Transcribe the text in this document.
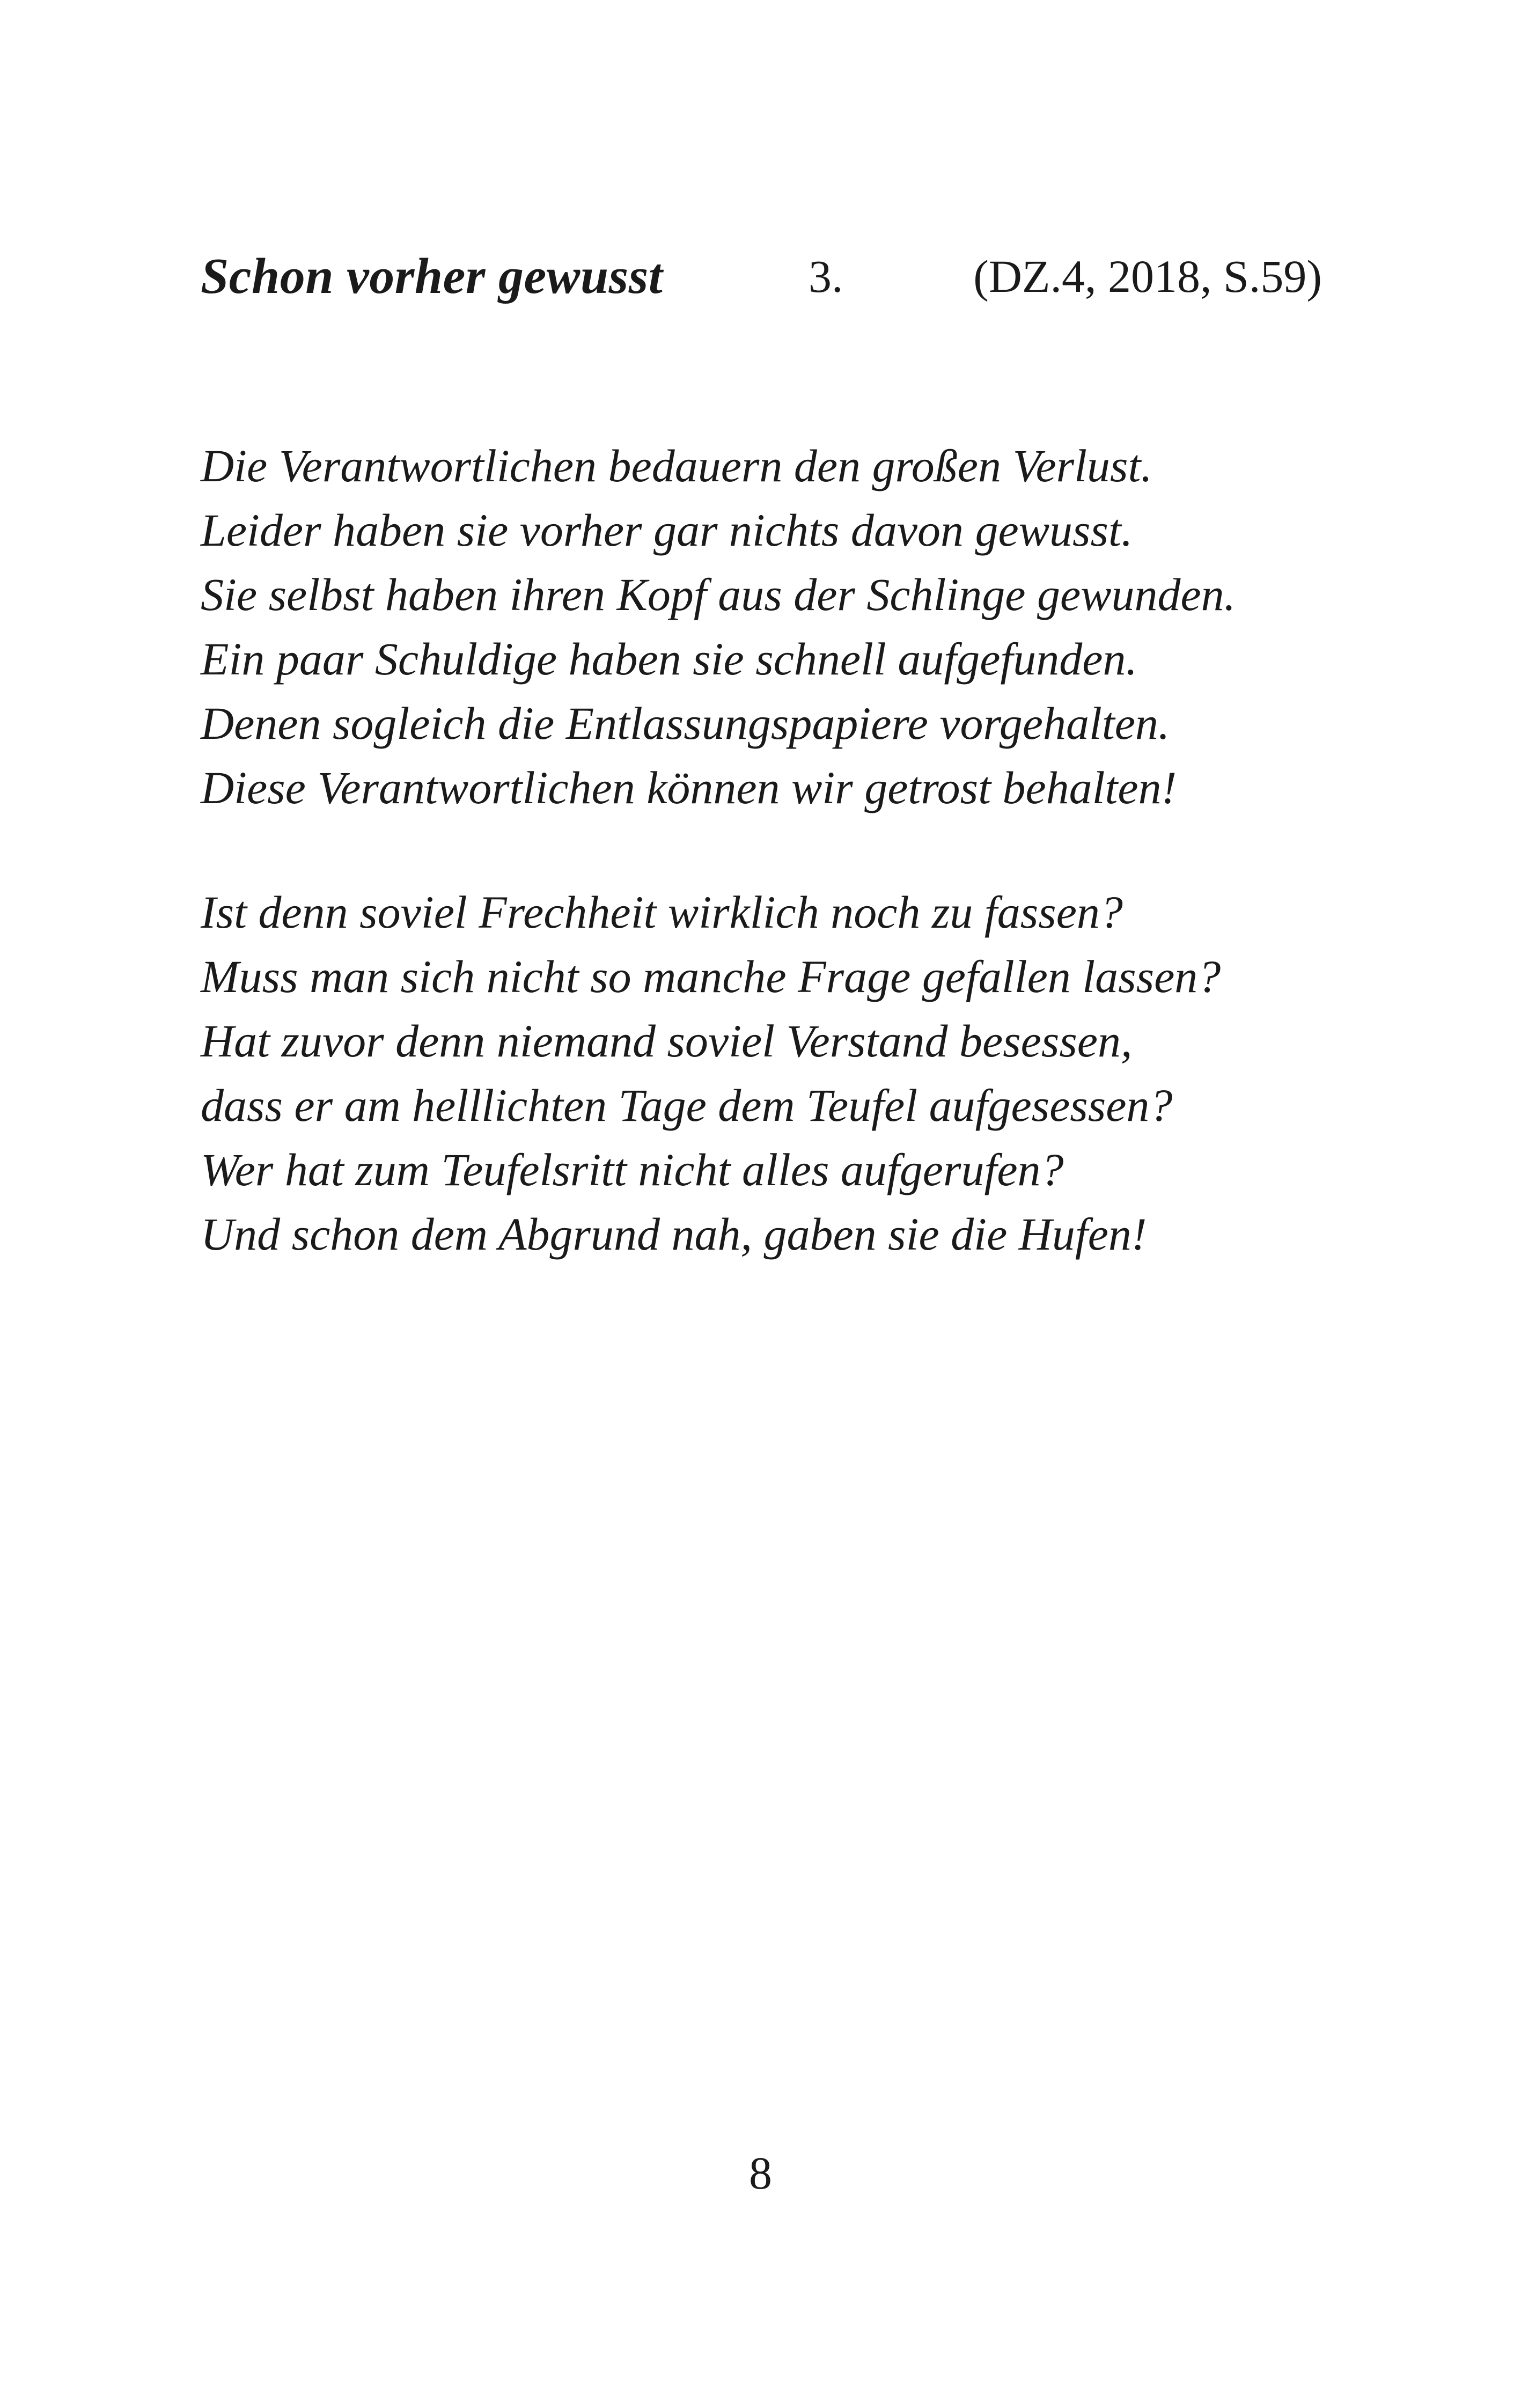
Schon vorher gewusst	3.	(DZ.4, 2018, S.59)
Die Verantwortlichen bedauern den großen Verlust.
Leider haben sie vorher gar nichts davon gewusst.
Sie selbst haben ihren Kopf aus der Schlinge gewunden.
Ein paar Schuldige haben sie schnell aufgefunden.
Denen sogleich die Entlassungspapiere vorgehalten.
Diese Verantwortlichen können wir getrost behalten!
Ist denn soviel Frechheit wirklich noch zu fassen?
Muss man sich nicht so manche Frage gefallen lassen?
Hat zuvor denn niemand soviel Verstand besessen,
dass er am helllichten Tage dem Teufel aufgesessen?
Wer hat zum Teufelsritt nicht alles aufgerufen?
Und schon dem Abgrund nah, gaben sie die Hufen!
8
